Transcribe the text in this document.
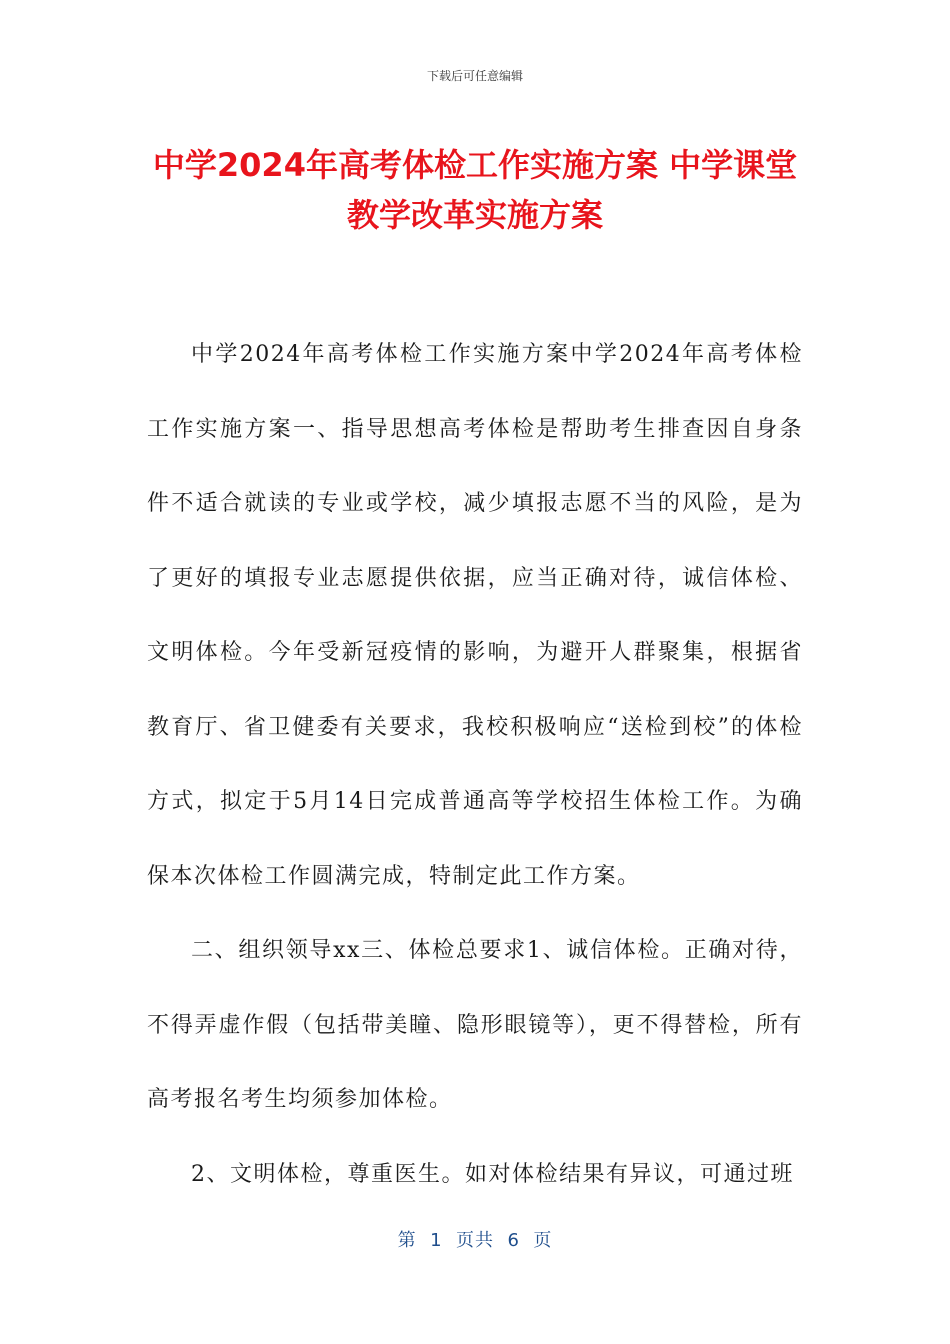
下载后可任意编辑
中学2024年高考体检工作实施方案 中学课堂教学改革实施方案

中学2024年高考体检工作实施方案中学2024年高考体检工作实施方案一、指导思想高考体检是帮助考生排查因自身条件不适合就读的专业或学校，减少填报志愿不当的风险，是为了更好的填报专业志愿提供依据，应当正确对待，诚信体检、文明体检。今年受新冠疫情的影响，为避开人群聚集，根据省教育厅、省卫健委有关要求，我校积极响应“送检到校”的体检方式，拟定于5月14日完成普通高等学校招生体检工作。为确保本次体检工作圆满完成，特制定此工作方案。

二、组织领导xx三、体检总要求1、诚信体检。正确对待，不得弄虚作假（包括带美瞳、隐形眼镜等），更不得替检，所有高考报名考生均须参加体检。

2、文明体检，尊重医生。如对体检结果有异议，可通过班

第  1  页共  6  页
